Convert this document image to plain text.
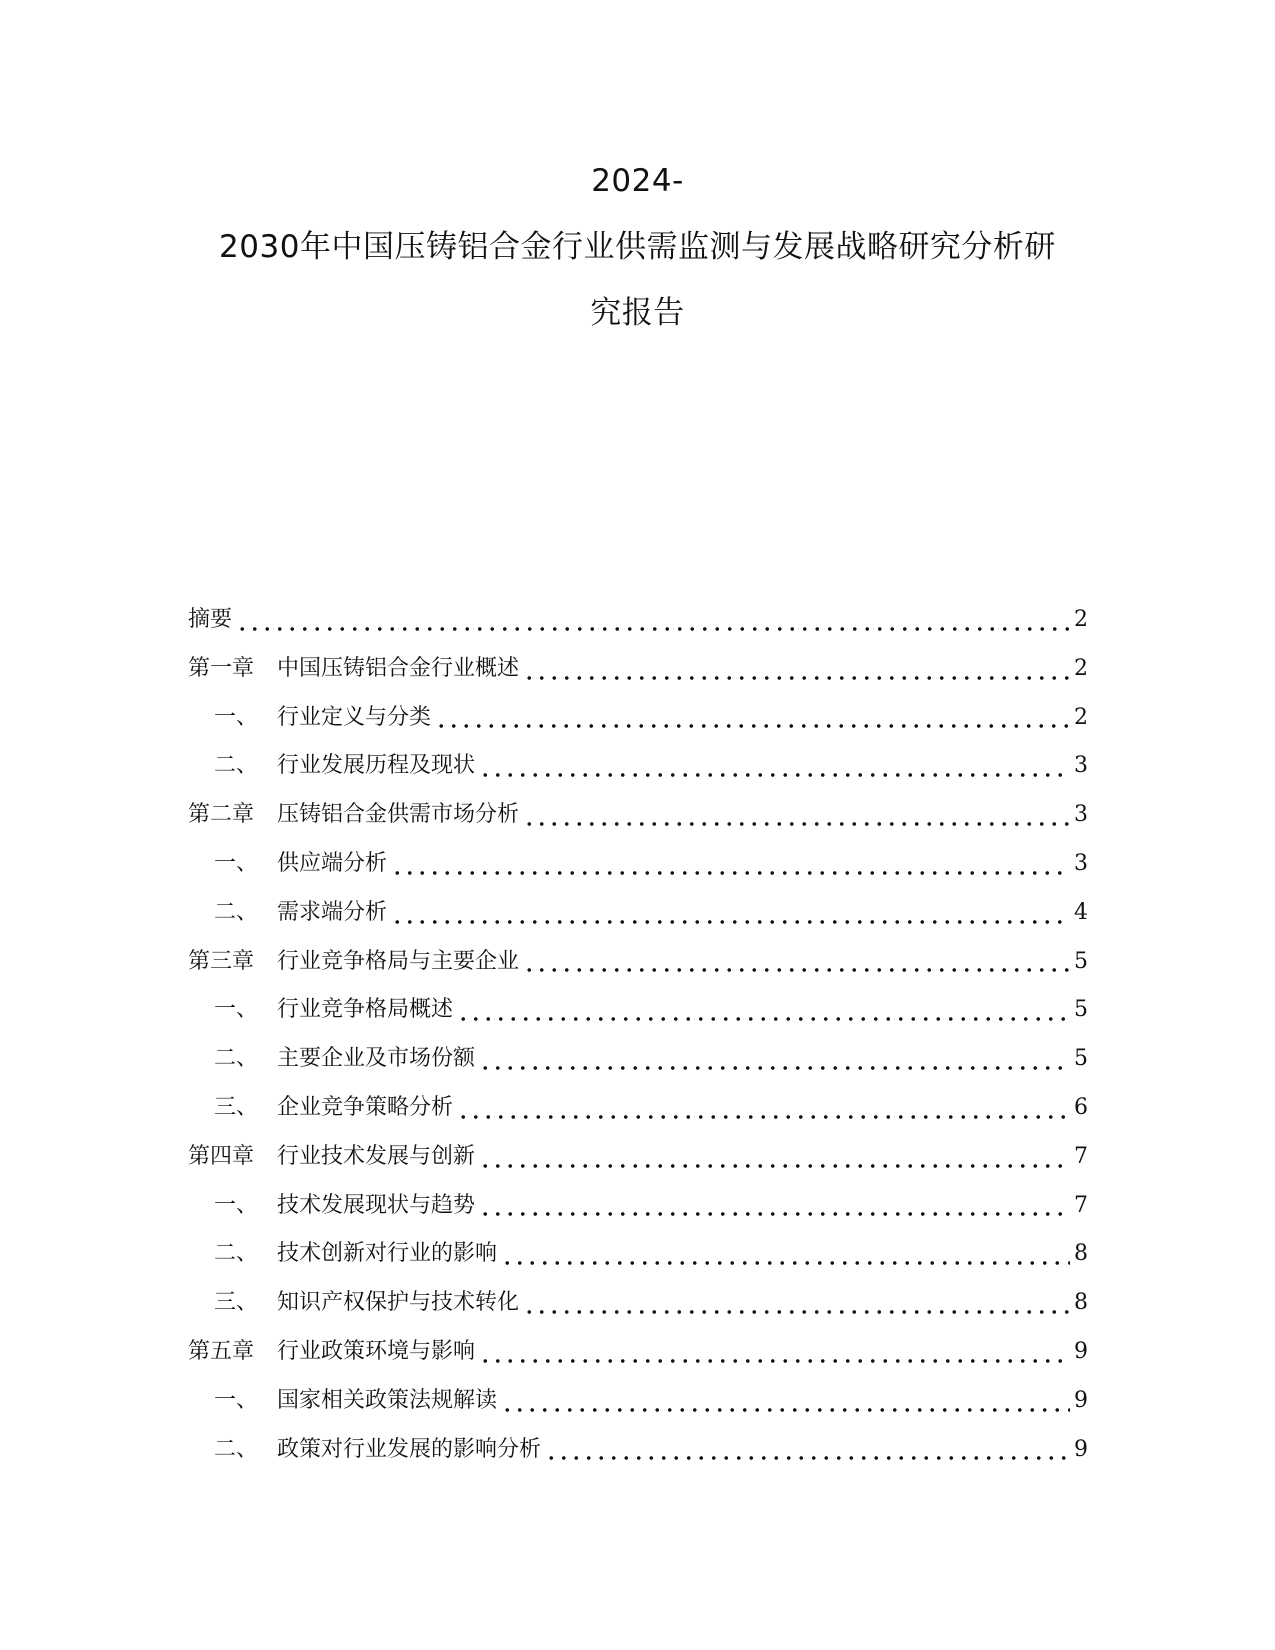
2024-
2030年中国压铸铝合金行业供需监测与发展战略研究分析研
究报告
摘要	2
第一章	中国压铸铝合金行业概述	2
一、 行业定义与分类	2
二、 行业发展历程及现状	3
第二章	压铸铝合金供需市场分析	3
一、 供应端分析	3
二、 需求端分析	4
第三章	行业竞争格局与主要企业	5
一、 行业竞争格局概述	5
二、 主要企业及市场份额	5
三、 企业竞争策略分析	6
第四章	行业技术发展与创新	7
一、 技术发展现状与趋势	7
二、 技术创新对行业的影响	8
三、 知识产权保护与技术转化	8
第五章	行业政策环境与影响	9
一、 国家相关政策法规解读	9
二、 政策对行业发展的影响分析	9
